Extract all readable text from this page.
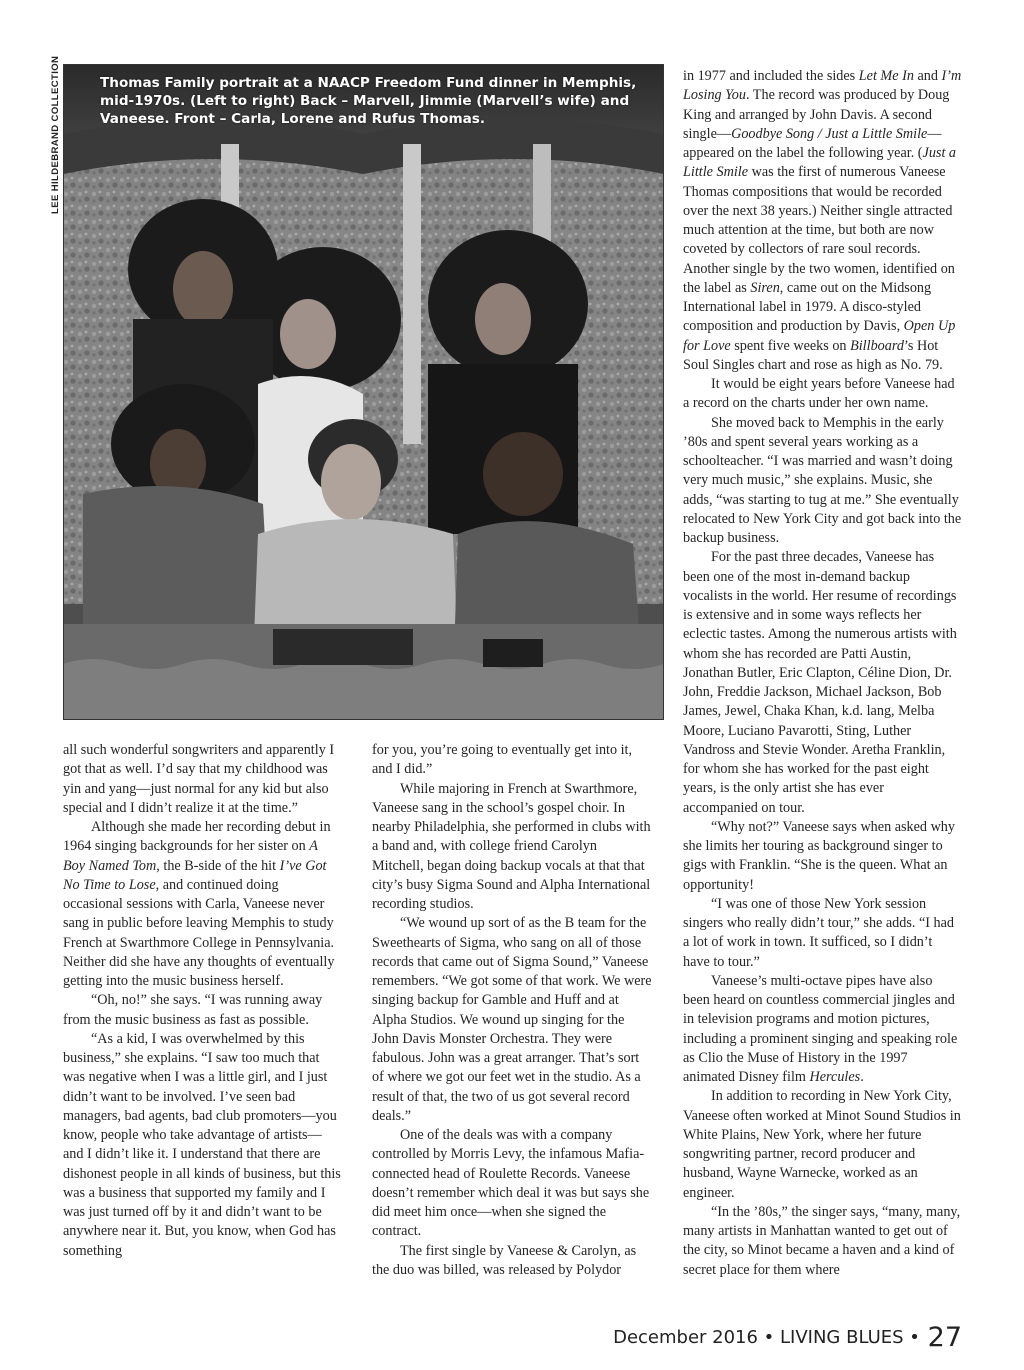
LEE HILDEBRAND COLLECTION	Thomas Family portrait at a NAACP Freedom Fund dinner in Memphis, mid-1970s. (Left to right) Back – Marvell, Jimmie (Marvell’s wife) and Vaneese. Front – Carla, Lorene and Rufus Thomas.

all such wonderful songwriters and apparently I got that as well. I’d say that my childhood was yin and yang—just normal for any kid but also special and I didn’t realize it at the time.”

Although she made her recording debut in 1964 singing backgrounds for her sister on A Boy Named Tom, the B-side of the hit I’ve Got No Time to Lose, and continued doing occasional sessions with Carla, Vaneese never sang in public before leaving Memphis to study French at Swarthmore College in Pennsylvania. Neither did she have any thoughts of eventually getting into the music business herself.

“Oh, no!” she says. “I was running away from the music business as fast as possible.

“As a kid, I was overwhelmed by this business,” she explains. “I saw too much that was negative when I was a little girl, and I just didn’t want to be involved. I’ve seen bad managers, bad agents, bad club promoters—you know, people who take advantage of artists—and I didn’t like it. I understand that there are dishonest people in all kinds of business, but this was a business that supported my family and I was just turned off by it and didn’t want to be anywhere near it. But, you know, when God has something

for you, you’re going to eventually get into it, and I did.”

While majoring in French at Swarthmore, Vaneese sang in the school’s gospel choir. In nearby Philadelphia, she performed in clubs with a band and, with college friend Carolyn Mitchell, began doing backup vocals at that that city’s busy Sigma Sound and Alpha International recording studios.

“We wound up sort of as the B team for the Sweethearts of Sigma, who sang on all of those records that came out of Sigma Sound,” Vaneese remembers. “We got some of that work. We were singing backup for Gamble and Huff and at Alpha Studios. We wound up singing for the John Davis Monster Orchestra. They were fabulous. John was a great arranger. That’s sort of where we got our feet wet in the studio. As a result of that, the two of us got several record deals.”

One of the deals was with a company controlled by Morris Levy, the infamous Mafia-connected head of Roulette Records. Vaneese doesn’t remember which deal it was but says she did meet him once—when she signed the contract.

The first single by Vaneese & Carolyn, as the duo was billed, was released by Polydor

in 1977 and included the sides Let Me In and I’m Losing You. The record was produced by Doug King and arranged by John Davis. A second single—Goodbye Song / Just a Little Smile—appeared on the label the following year. (Just a Little Smile was the first of numerous Vaneese Thomas compositions that would be recorded over the next 38 years.) Neither single attracted much attention at the time, but both are now coveted by collectors of rare soul records. Another single by the two women, identified on the label as Siren, came out on the Midsong International label in 1979. A disco-styled composition and production by Davis, Open Up for Love spent five weeks on Billboard’s Hot Soul Singles chart and rose as high as No. 79.

It would be eight years before Vaneese had a record on the charts under her own name.

She moved back to Memphis in the early ’80s and spent several years working as a schoolteacher. “I was married and wasn’t doing very much music,” she explains. Music, she adds, “was starting to tug at me.” She eventually relocated to New York City and got back into the backup business.

For the past three decades, Vaneese has been one of the most in-demand backup vocalists in the world. Her resume of recordings is extensive and in some ways reflects her eclectic tastes. Among the numerous artists with whom she has recorded are Patti Austin, Jonathan Butler, Eric Clapton, Céline Dion, Dr. John, Freddie Jackson, Michael Jackson, Bob James, Jewel, Chaka Khan, k.d. lang, Melba Moore, Luciano Pavarotti, Sting, Luther Vandross and Stevie Wonder. Aretha Franklin, for whom she has worked for the past eight years, is the only artist she has ever accompanied on tour.

“Why not?” Vaneese says when asked why she limits her touring as background singer to gigs with Franklin. “She is the queen. What an opportunity!

“I was one of those New York session singers who really didn’t tour,” she adds. “I had a lot of work in town. It sufficed, so I didn’t have to tour.”

Vaneese’s multi-octave pipes have also been heard on countless commercial jingles and in television programs and motion pictures, including a prominent singing and speaking role as Clio the Muse of History in the 1997 animated Disney film Hercules.

In addition to recording in New York City, Vaneese often worked at Minot Sound Studios in White Plains, New York, where her future songwriting partner, record producer and husband, Wayne Warnecke, worked as an engineer.

“In the ’80s,” the singer says, “many, many, many artists in Manhattan wanted to get out of the city, so Minot became a haven and a kind of secret place for them where

December 2016 • LIVING BLUES • 27
